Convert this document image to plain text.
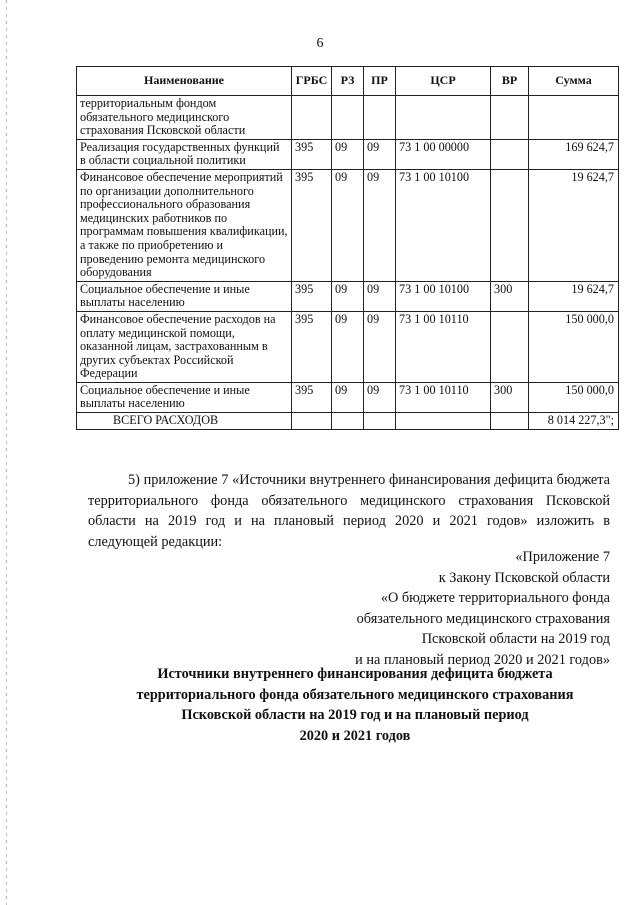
6
Наименование	ГРБС	РЗ	ПР	ЦСР	ВР	Сумма
территориальным фондом обязательного медицинского страхования Псковской области						
Реализация государственных функций в области социальной политики	395	09	09	73 1 00 00000		169 624,7
Финансовое обеспечение мероприятий по организации дополнительного профессионального образования медицинских работников по программам повышения квалификации, а также по приобретению и проведению ремонта медицинского оборудования	395	09	09	73 1 00 10100		19 624,7
Социальное обеспечение и иные выплаты населению	395	09	09	73 1 00 10100	300	19 624,7
Финансовое обеспечение расходов на оплату медицинской помощи, оказанной лицам, застрахованным в других субъектах Российской Федерации	395	09	09	73 1 00 10110		150 000,0
Социальное обеспечение и иные выплаты населению	395	09	09	73 1 00 10110	300	150 000,0
ВСЕГО РАСХОДОВ						8 014 227,3";
5) приложение 7 «Источники внутреннего финансирования дефицита бюджета территориального фонда обязательного медицинского страхования Псковской области на 2019 год и на плановый период 2020 и 2021 годов» изложить в следующей редакции:
«Приложение 7
к Закону Псковской области
«О бюджете территориального фонда
обязательного медицинского страхования
Псковской области на 2019 год
и на плановый период 2020 и 2021 годов»
Источники внутреннего финансирования дефицита бюджета
территориального фонда обязательного медицинского страхования
Псковской области на 2019 год и на плановый период
2020 и 2021 годов
